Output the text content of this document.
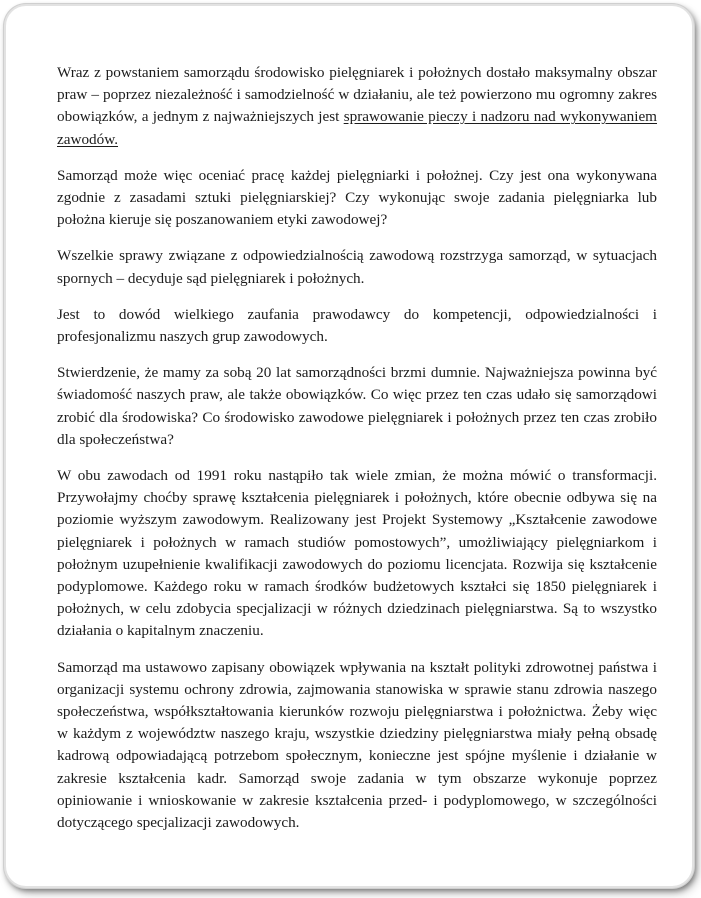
Wraz z powstaniem samorządu środowisko pielęgniarek i położnych dostało maksymalny obszar praw – poprzez niezależność i samodzielność w działaniu, ale też powierzono mu ogromny zakres obowiązków, a jednym z najważniejszych jest sprawowanie pieczy i nadzoru nad wykonywaniem zawodów.

Samorząd może więc oceniać pracę każdej pielęgniarki i położnej. Czy jest ona wykonywana zgodnie z zasadami sztuki pielęgniarskiej? Czy wykonując swoje zadania pielęgniarka lub położna kieruje się poszanowaniem etyki zawodowej?

Wszelkie sprawy związane z odpowiedzialnością zawodową rozstrzyga samorząd, w sytuacjach spornych – decyduje sąd pielęgniarek i położnych.

Jest to dowód wielkiego zaufania prawodawcy do kompetencji, odpowiedzialności i profesjonalizmu naszych grup zawodowych.

Stwierdzenie, że mamy za sobą 20 lat samorządności brzmi dumnie. Najważniejsza powinna być świadomość naszych praw, ale także obowiązków. Co więc przez ten czas udało się samorządowi zrobić dla środowiska? Co środowisko zawodowe pielęgniarek i położnych przez ten czas zrobiło dla społeczeństwa?

W obu zawodach od 1991 roku nastąpiło tak wiele zmian, że można mówić o transformacji. Przywołajmy choćby sprawę kształcenia pielęgniarek i położnych, które obecnie odbywa się na poziomie wyższym zawodowym. Realizowany jest Projekt Systemowy „Kształcenie zawodowe pielęgniarek i położnych w ramach studiów pomostowych”, umożliwiający pielęgniarkom i położnym uzupełnienie kwalifikacji zawodowych do poziomu licencjata. Rozwija się kształcenie podyplomowe. Każdego roku w ramach środków budżetowych kształci się 1850 pielęgniarek i położnych, w celu zdobycia specjalizacji w różnych dziedzinach pielęgniarstwa. Są to wszystko działania o kapitalnym znaczeniu.

Samorząd ma ustawowo zapisany obowiązek wpływania na kształt polityki zdrowotnej państwa i organizacji systemu ochrony zdrowia, zajmowania stanowiska w sprawie stanu zdrowia naszego społeczeństwa, współkształtowania kierunków rozwoju pielęgniarstwa i położnictwa. Żeby więc w każdym z województw naszego kraju, wszystkie dziedziny pielęgniarstwa miały pełną obsadę kadrową odpowiadającą potrzebom społecznym, konieczne jest spójne myślenie i działanie w zakresie kształcenia kadr. Samorząd swoje zadania w tym obszarze wykonuje poprzez opiniowanie i wnioskowanie w zakresie kształcenia przed- i podyplomowego, w szczególności dotyczącego specjalizacji zawodowych.
